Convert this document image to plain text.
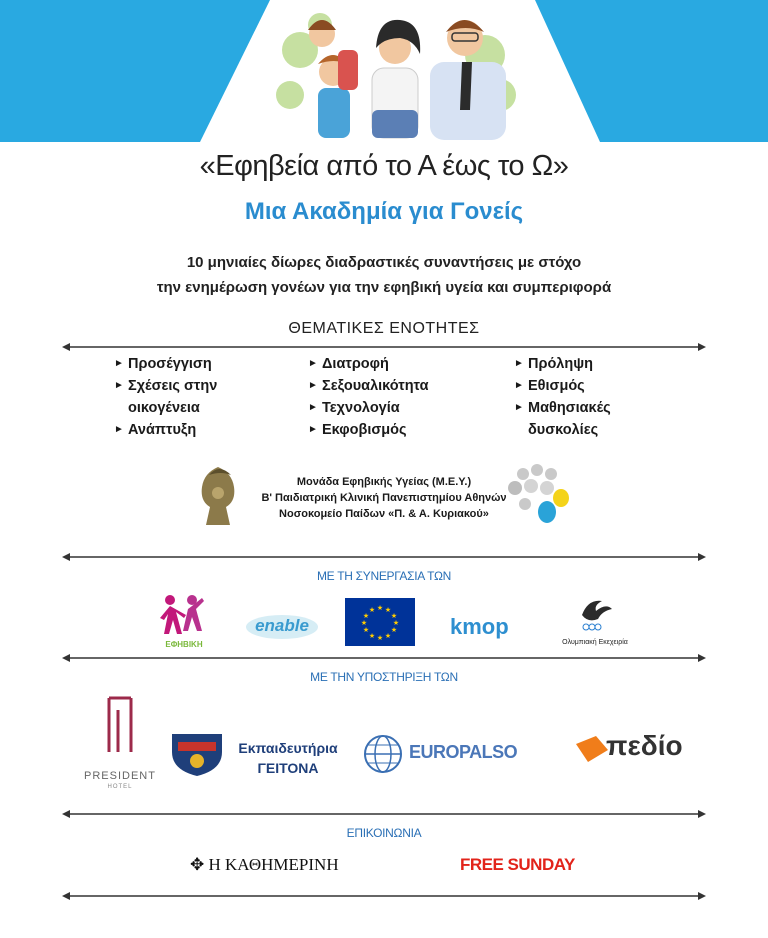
«Εφηβεία από το Α έως το Ω»
Μια Ακαδημία για Γονείς
10 μηνιαίες δίωρες διαδραστικές συναντήσεις με στόχο
την ενημέρωση γονέων για την εφηβική υγεία και συμπεριφορά
ΘΕΜΑΤΙΚΕΣ ΕΝΟΤΗΤΕΣ
► Προσέγγιση
► Σχέσεις στην οικογένεια
► Ανάπτυξη
► Διατροφή
► Σεξουαλικότητα
► Τεχνολογία
► Εκφοβισμός
► Πρόληψη
► Εθισμός
► Μαθησιακές δυσκολίες
Μονάδα Εφηβικής Υγείας (Μ.Ε.Υ.)
Β' Παιδιατρική Κλινική Πανεπιστημίου Αθηνών
Νοσοκομείο Παίδων «Π. & Α. Κυριακού»
ΜΕ ΤΗ ΣΥΝΕΡΓΑΣΙΑ ΤΩΝ
ΕΦΗΒΙΚΗ
enable
★ ★
★
★
★
★
★
★
★
★
★
★
kmop
Ολυμπιακή Εκεχειρία
ΜΕ ΤΗΝ ΥΠΟΣΤΗΡΙΞΗ ΤΩΝ
PRESIDENT
HOTEL
Εκπαιδευτήρια
ΓΕΙΤΟΝΑ
EUROPALSO	πεδίο
ΕΠΙΚΟΙΝΩΝΙΑ
✥ Η ΚΑΘΗΜΕΡΙΝΗ	FREE SUNDAY
